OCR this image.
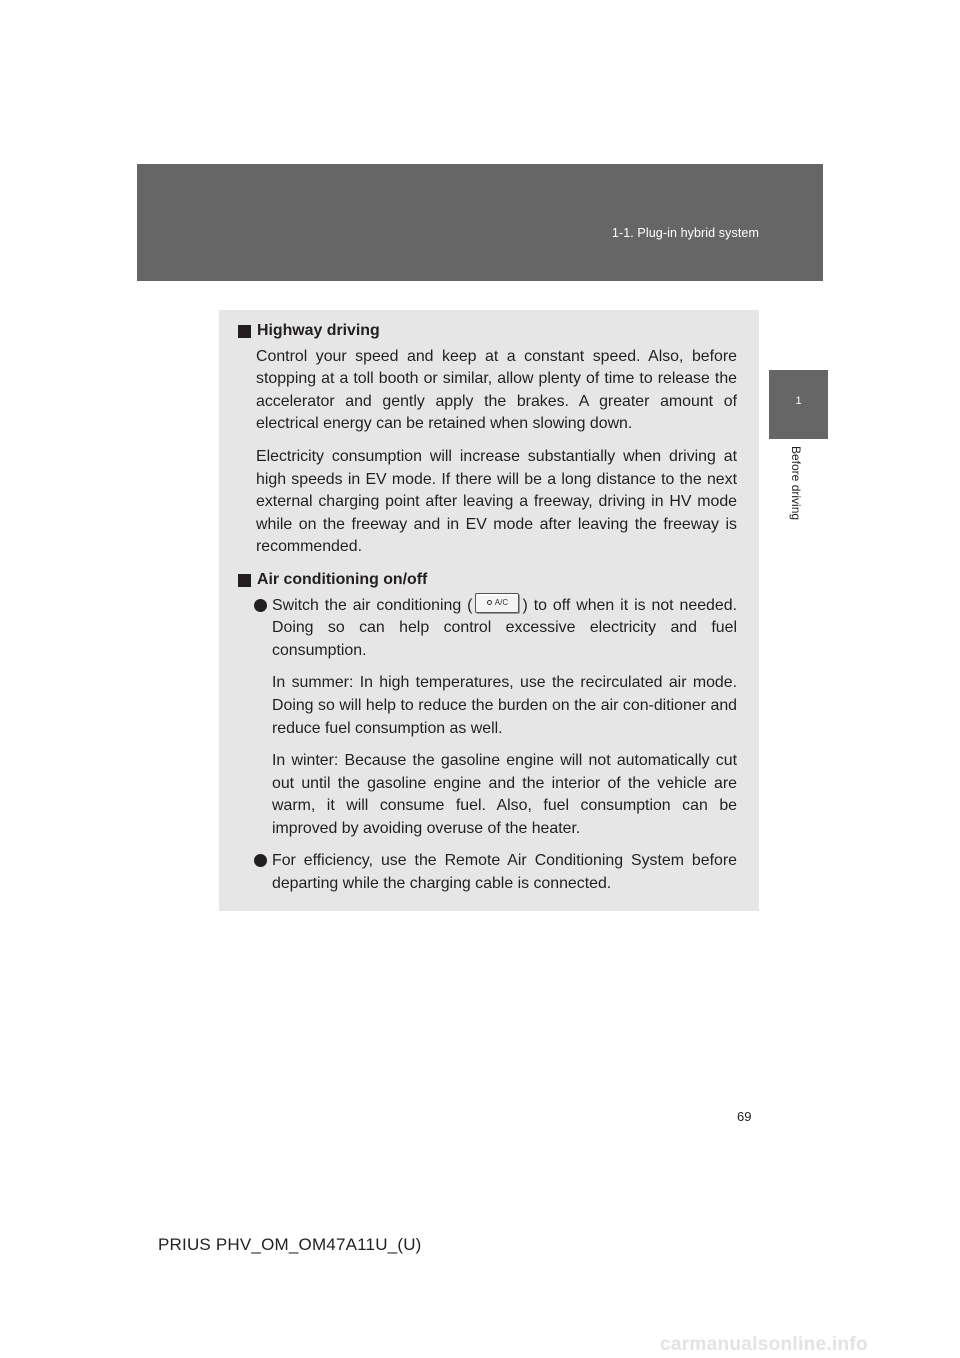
1-1. Plug-in hybrid system
1
Before driving
Highway driving

Control your speed and keep at a constant speed. Also, before stopping at a toll booth or similar, allow plenty of time to release the accelerator and gently apply the brakes. A greater amount of electrical energy can be retained when slowing down.

Electricity consumption will increase substantially when driving at high speeds in EV mode. If there will be a long distance to the next external charging point after leaving a freeway, driving in HV mode while on the freeway and in EV mode after leaving the freeway is recommended.

Air conditioning on/off

Switch the air conditioning (	A/C ) to off when it is not needed. Doing so can help control excessive electricity and fuel consumption.

In summer: In high temperatures, use the recirculated air mode. Doing so will help to reduce the burden on the air con-ditioner and reduce fuel consumption as well.

In winter: Because the gasoline engine will not automatically cut out until the gasoline engine and the interior of the vehicle are warm, it will consume fuel. Also, fuel consumption can be improved by avoiding overuse of the heater.

For efficiency, use the Remote Air Conditioning System before departing while the charging cable is connected.

69
PRIUS PHV_OM_OM47A11U_(U)
carmanualsonline.info
